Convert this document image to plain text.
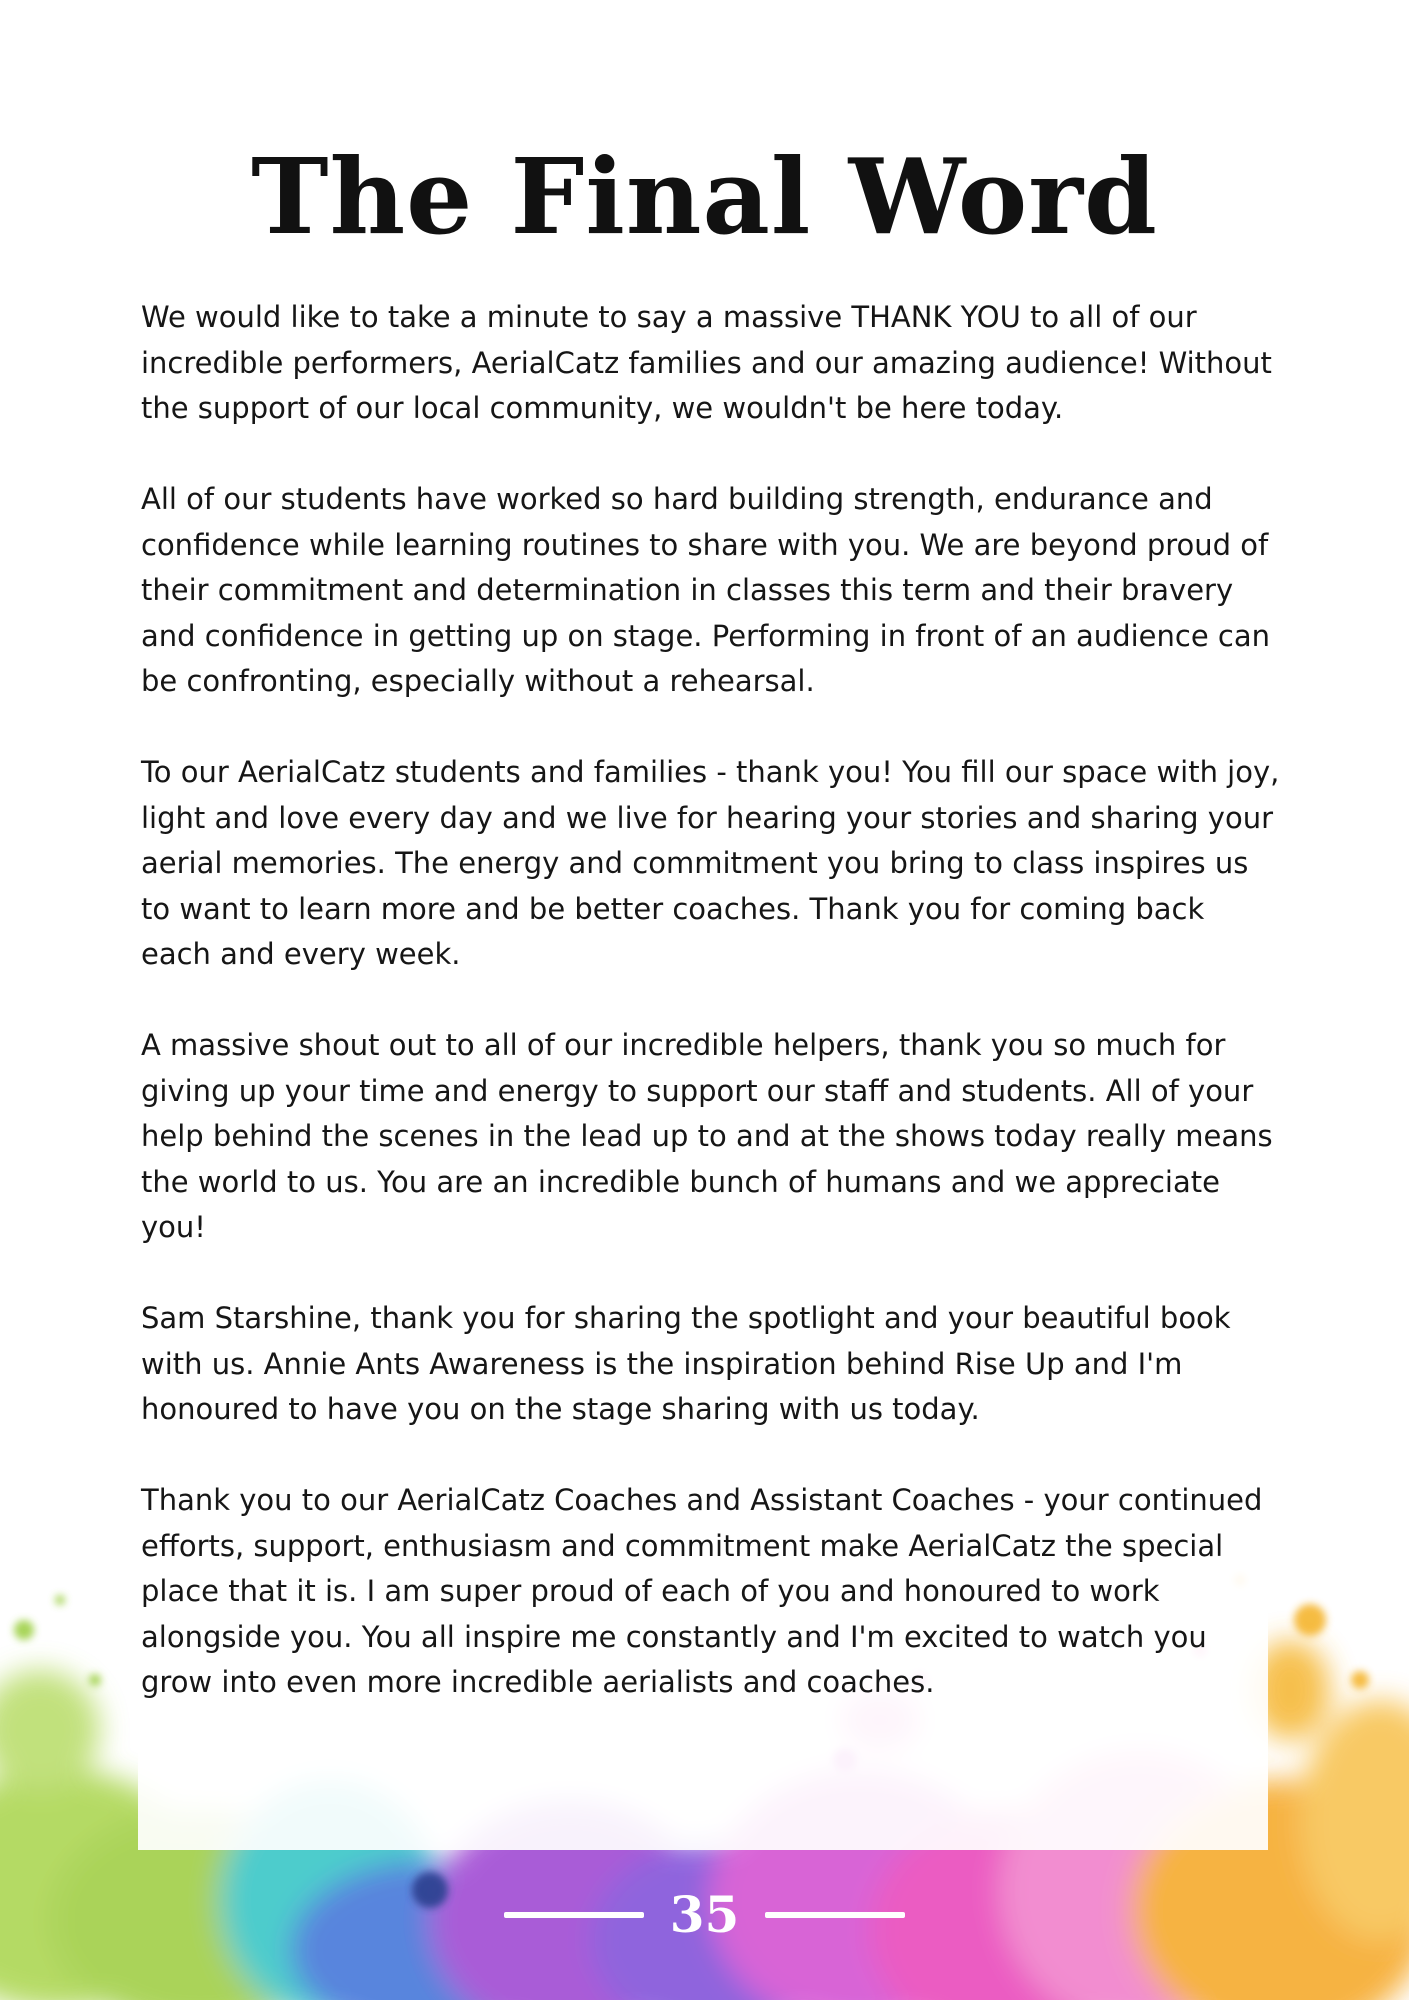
The Final Word

We would like to take a minute to say a massive THANK YOU to all of our incredible performers, AerialCatz families and our amazing audience! Without the support of our local community, we wouldn't be here today.

All of our students have worked so hard building strength, endurance and confidence while learning routines to share with you. We are beyond proud of their commitment and determination in classes this term and their bravery and confidence in getting up on stage. Performing in front of an audience can be confronting, especially without a rehearsal.

To our AerialCatz students and families - thank you! You fill our space with joy, light and love every day and we live for hearing your stories and sharing your aerial memories. The energy and commitment you bring to class inspires us to want to learn more and be better coaches. Thank you for coming back each and every week.

A massive shout out to all of our incredible helpers, thank you so much for giving up your time and energy to support our staff and students. All of your help behind the scenes in the lead up to and at the shows today really means the world to us. You are an incredible bunch of humans and we appreciate you!

Sam Starshine, thank you for sharing the spotlight and your beautiful book with us. Annie Ants Awareness is the inspiration behind Rise Up and I'm honoured to have you on the stage sharing with us today.

Thank you to our AerialCatz Coaches and Assistant Coaches - your continued efforts, support, enthusiasm and commitment make AerialCatz the special place that it is. I am super proud of each of you and honoured to work alongside you. You all inspire me constantly and I'm excited to watch you grow into even more incredible aerialists and coaches.

35
